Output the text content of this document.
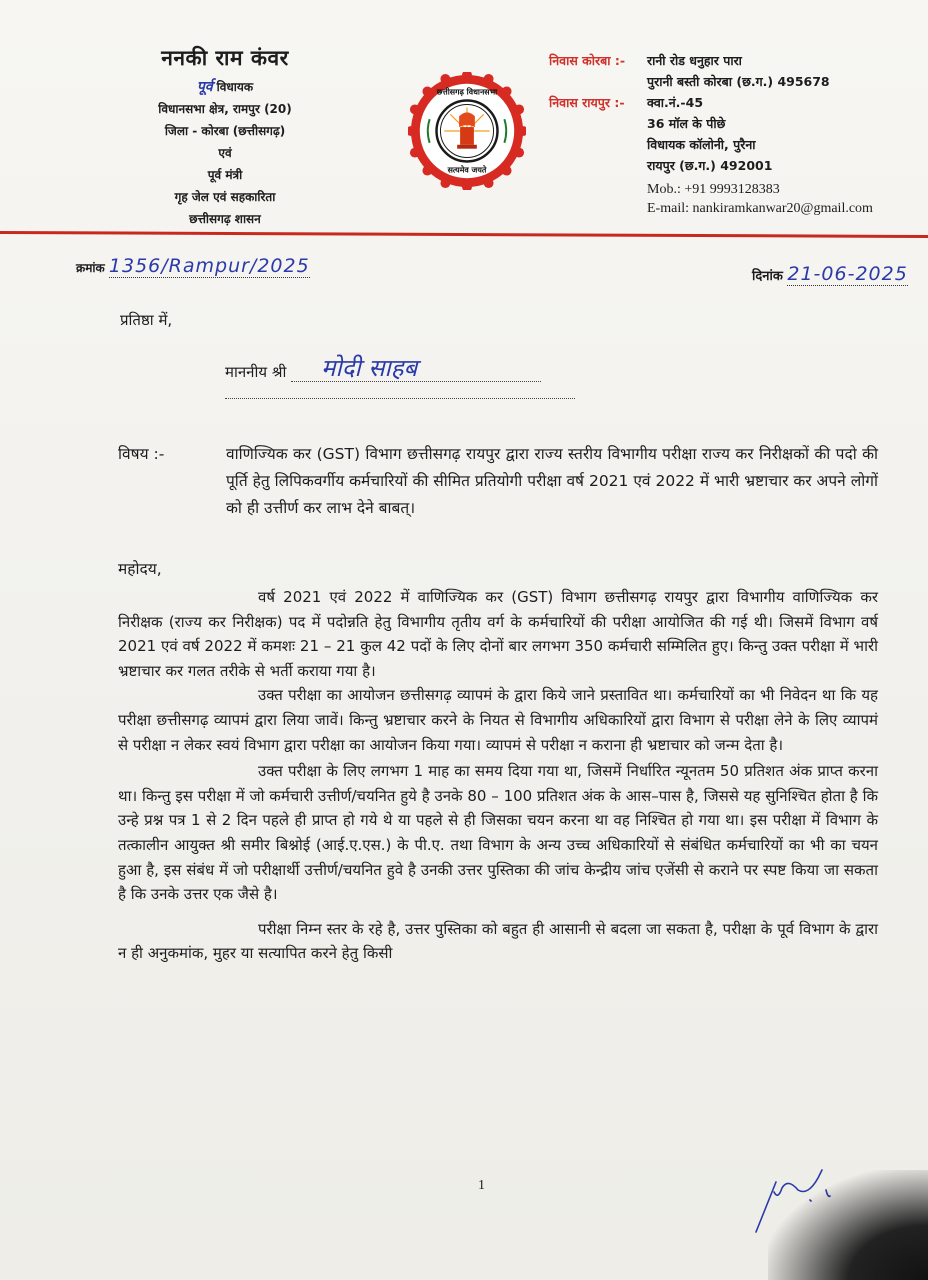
ननकी राम कंवर
पूर्व विधायक
विधानसभा क्षेत्र, रामपुर (20)
जिला - कोरबा (छत्तीसगढ़)
एवं
पूर्व मंत्री
गृह जेल एवं सहकारिता
छत्तीसगढ़ शासन
छत्तीसगढ़ विधानसभा
सत्यमेव जयते
निवास कोरबा :-	रानी रोड धनुहार पारा
पुरानी बस्ती कोरबा (छ.ग.) 495678
निवास रायपुर :-	क्वा.नं.-45
36 मॉल के पीछे
विधायक कॉलोनी, पुरैना
रायपुर (छ.ग.) 492001
Mob.: +91 9993128383
E-mail: nankiramkanwar20@gmail.com
क्रमांक 1356/Rampur/2025	दिनांक 21-06-2025
प्रतिष्ठा में,
माननीय श्री मोदी साहब
विषय :-	वाणिज्यिक कर (GST) विभाग छत्तीसगढ़ रायपुर द्वारा राज्य स्तरीय विभागीय परीक्षा राज्य कर निरीक्षकों की पदो की पूर्ति हेतु लिपिकवर्गीय कर्मचारियों की सीमित प्रतियोगी परीक्षा वर्ष 2021 एवं 2022 में भारी भ्रष्टाचार कर अपने लोगों को ही उत्तीर्ण कर लाभ देने बाबत्।
महोदय,

वर्ष 2021 एवं 2022 में वाणिज्यिक कर (GST) विभाग छत्तीसगढ़ रायपुर द्वारा विभागीय वाणिज्यिक कर निरीक्षक (राज्य कर निरीक्षक) पद में पदोन्नति हेतु विभागीय तृतीय वर्ग के कर्मचारियों की परीक्षा आयोजित की गई थी। जिसमें विभाग वर्ष 2021 एवं वर्ष 2022 में कमशः 21 – 21 कुल 42 पदों के लिए दोनों बार लगभग 350 कर्मचारी सम्मिलित हुए। किन्तु उक्त परीक्षा में भारी भ्रष्टाचार कर गलत तरीके से भर्ती कराया गया है।

उक्त परीक्षा का आयोजन छत्तीसगढ़ व्यापमं के द्वारा किये जाने प्रस्तावित था। कर्मचारियों का भी निवेदन था कि यह परीक्षा छत्तीसगढ़ व्यापमं द्वारा लिया जावें। किन्तु भ्रष्टाचार करने के नियत से विभागीय अधिकारियों द्वारा विभाग से परीक्षा लेने के लिए व्यापमं से परीक्षा न लेकर स्वयं विभाग द्वारा परीक्षा का आयोजन किया गया। व्यापमं से परीक्षा न कराना ही भ्रष्टाचार को जन्म देता है।

उक्त परीक्षा के लिए लगभग 1 माह का समय दिया गया था, जिसमें निर्धारित न्यूनतम 50 प्रतिशत अंक प्राप्त करना था। किन्तु इस परीक्षा में जो कर्मचारी उत्तीर्ण/चयनित हुये है उनके 80 – 100 प्रतिशत अंक के आस–पास है, जिससे यह सुनिश्चित होता है कि उन्हे प्रश्न पत्र 1 से 2 दिन पहले ही प्राप्त हो गये थे या पहले से ही जिसका चयन करना था वह निश्चित हो गया था। इस परीक्षा में विभाग के तत्कालीन आयुक्त श्री समीर बिश्नोई (आई.ए.एस.) के पी.ए. तथा विभाग के अन्य उच्च अधिकारियों से संबंधित कर्मचारियों का भी का चयन हुआ है, इस संबंध में जो परीक्षार्थी उत्तीर्ण/चयनित हुवे है उनकी उत्तर पुस्तिका की जांच केन्द्रीय जांच एजेंसी से कराने पर स्पष्ट किया जा सकता है कि उनके उत्तर एक जैसे है।

परीक्षा निम्न स्तर के रहे है, उत्तर पुस्तिका को बहुत ही आसानी से बदला जा सकता है, परीक्षा के पूर्व विभाग के द्वारा न ही अनुकमांक, मुहर या सत्यापित करने हेतु किसी

1
